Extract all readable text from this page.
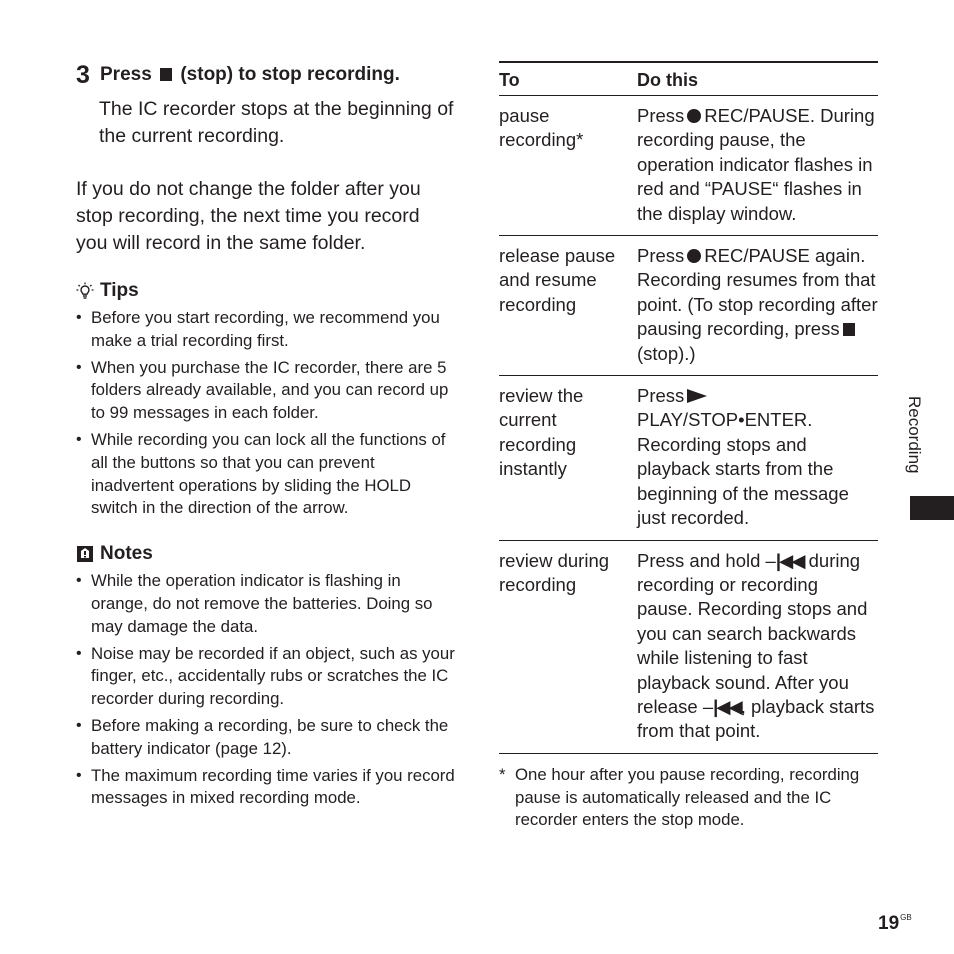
3 Press (stop) to stop recording.
The IC recorder stops at the beginning of the current recording.
If you do not change the folder after you stop recording, the next time you record you will record in the same folder.
Tips
• Before you start recording, we recommend you make a trial recording first.
• When you purchase the IC recorder, there are 5 folders already available, and you can record up to 99 messages in each folder.
• While recording you can lock all the functions of all the buttons so that you can prevent inadvertent operations by sliding the HOLD switch in the direction of the arrow.
Notes
• While the operation indicator is flashing in orange, do not remove the batteries. Doing so may damage the data.
• Noise may be recorded if an object, such as your finger, etc., accidentally rubs or scratches the IC recorder during recording.
• Before making a recording, be sure to check the battery indicator (page 12).
• The maximum recording time varies if you record messages in mixed recording mode.
To	Do this
pause recording*
Press REC/PAUSE. During recording pause, the operation indicator flashes in red and “PAUSE“ flashes in the display window.
release pause and resume recording
Press REC/PAUSE again. Recording resumes from that point. (To stop recording after pausing recording, press(stop).)
review the current recording instantly
PressPLAY/STOP•ENTER. Recording stops and playback starts from the beginning of the message just recorded.
review during recording
Press and hold –|◀◀ during recording or recording pause. Recording stops and you can search backwards while listening to fast playback sound. After you release –|◀◀, playback starts from that point.
* One hour after you pause recording, recording pause is automatically released and the IC recorder enters the stop mode.
Recording
$19^{GB}$
